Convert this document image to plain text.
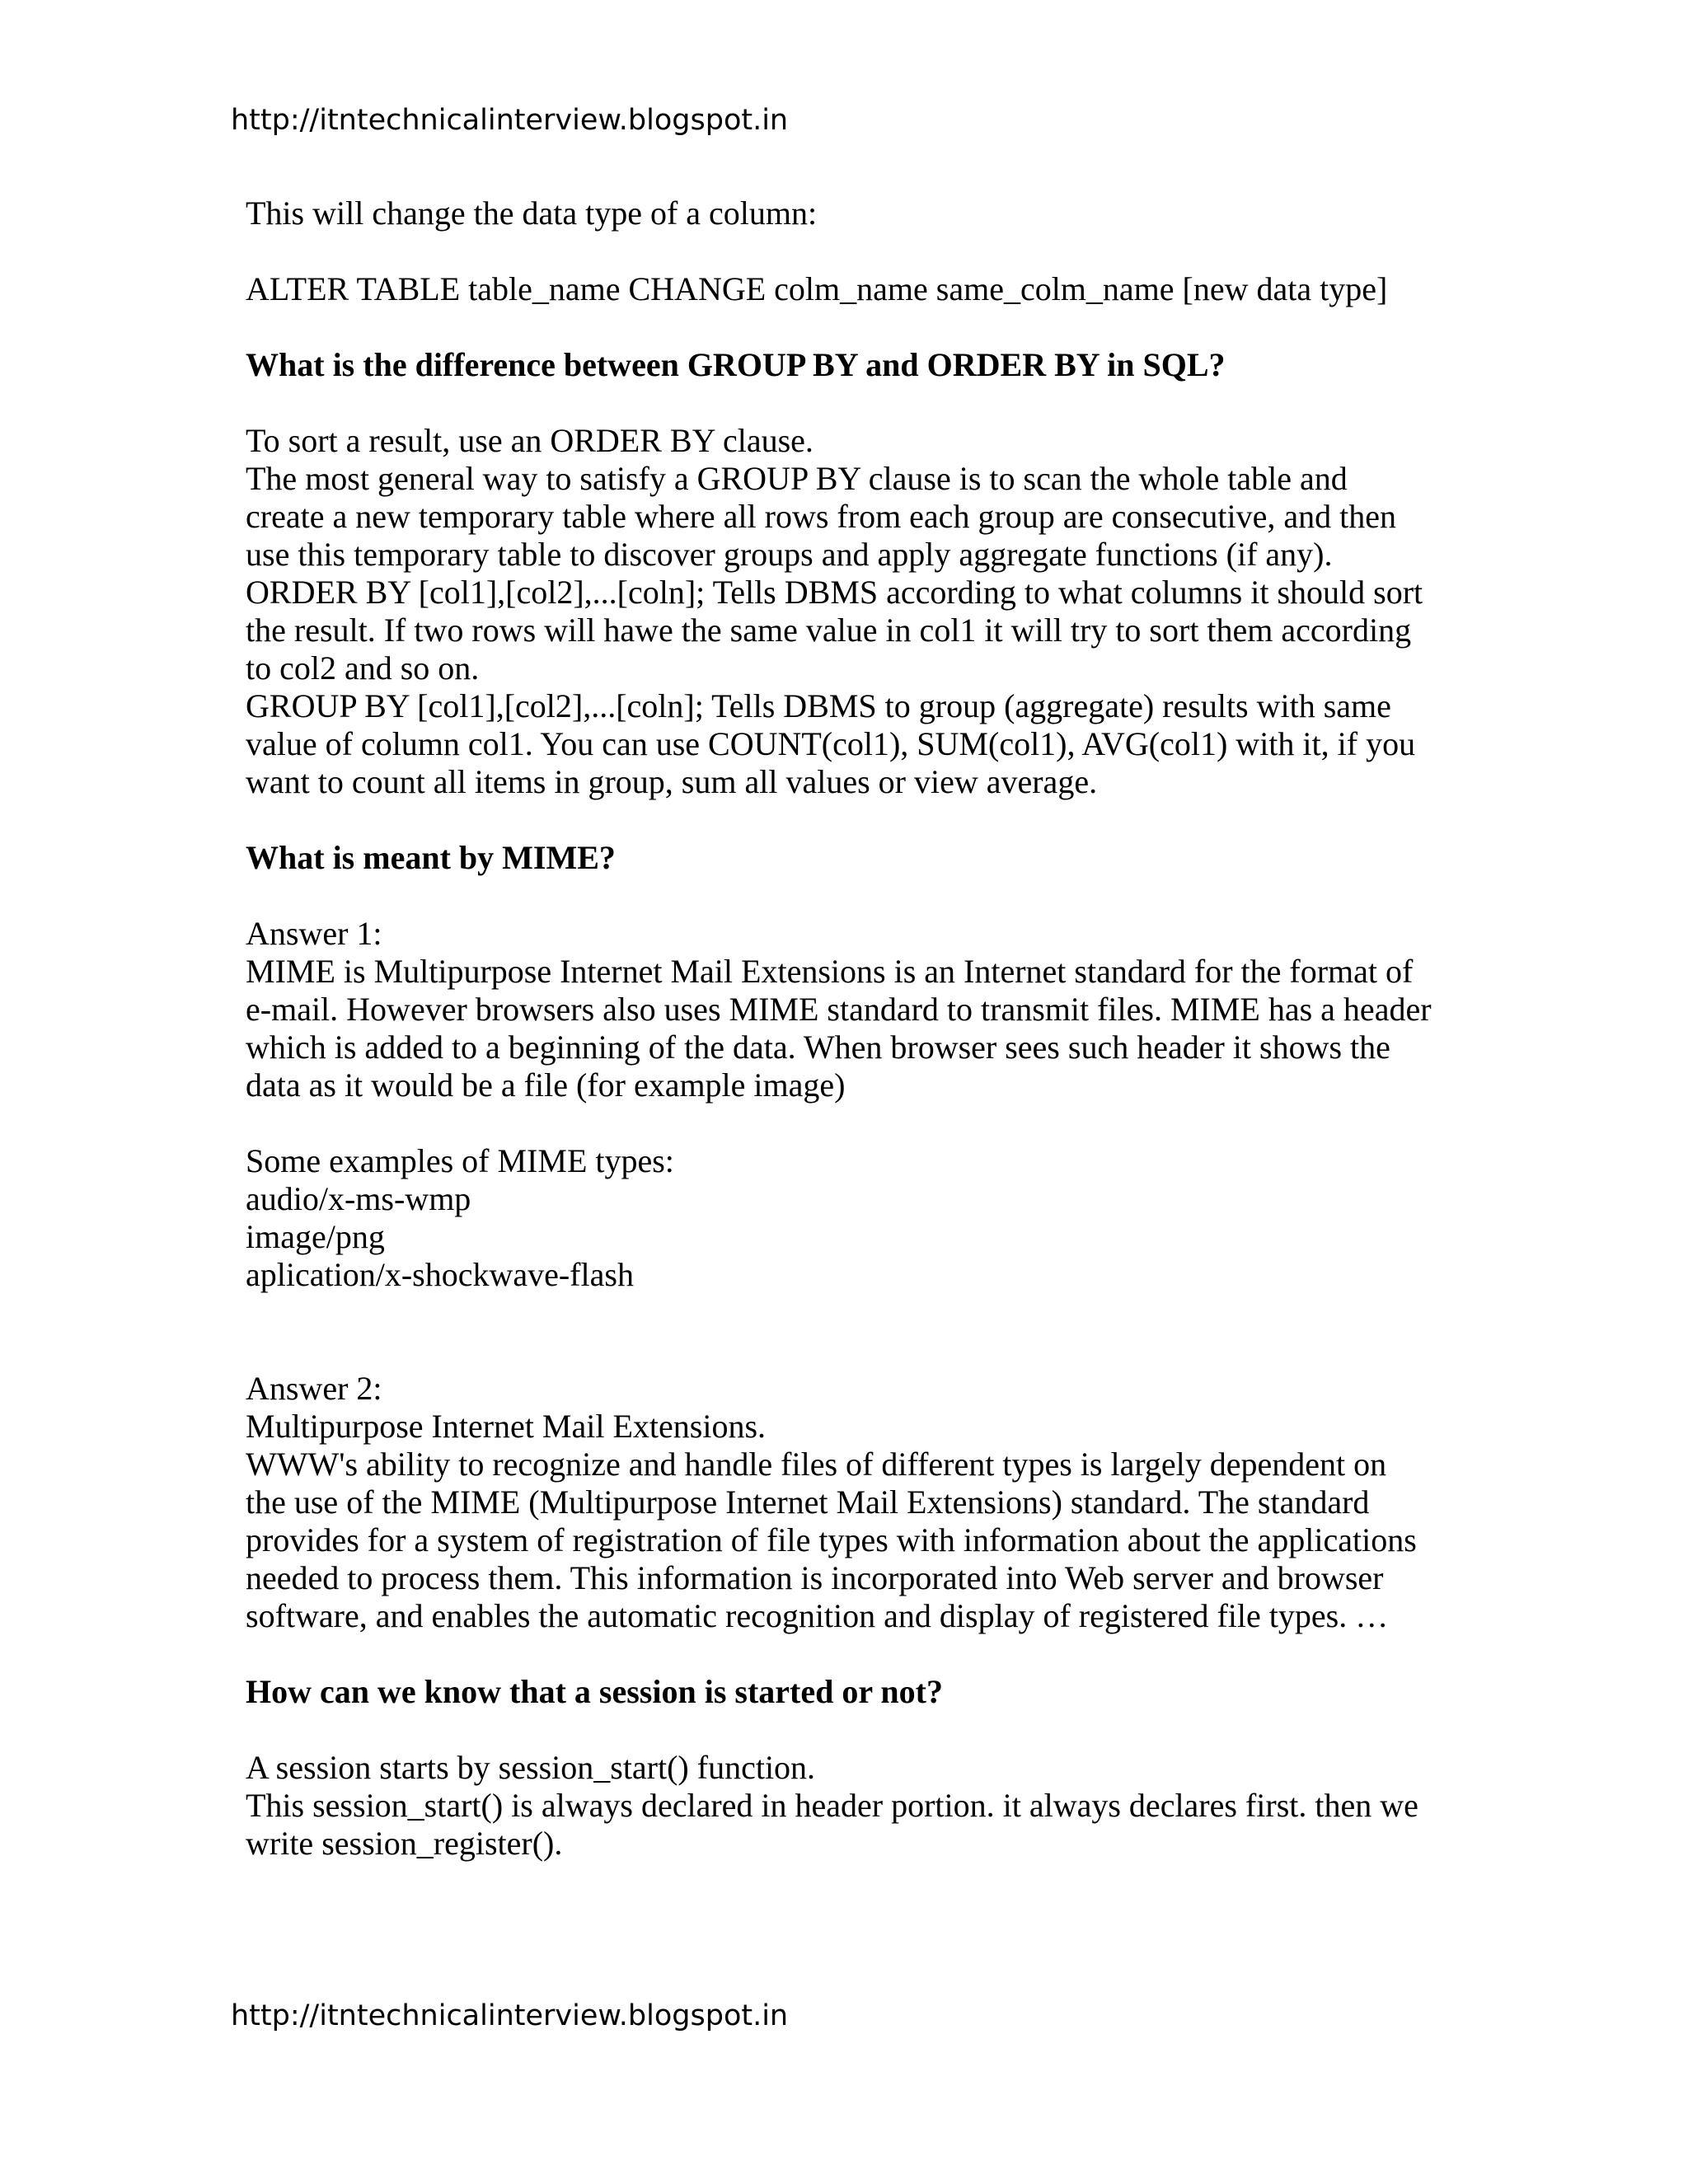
http://itntechnicalinterview.blogspot.in

This will change the data type of a column:

ALTER TABLE table_name CHANGE colm_name same_colm_name [new data type]

What is the difference between GROUP BY and ORDER BY in SQL?

To sort a result, use an ORDER BY clause.

The most general way to satisfy a GROUP BY clause is to scan the whole table and

create a new temporary table where all rows from each group are consecutive, and then

use this temporary table to discover groups and apply aggregate functions (if any).

ORDER BY [col1],[col2],...[coln]; Tells DBMS according to what columns it should sort

the result. If two rows will hawe the same value in col1 it will try to sort them according

to col2 and so on.

GROUP BY [col1],[col2],...[coln]; Tells DBMS to group (aggregate) results with same

value of column col1. You can use COUNT(col1), SUM(col1), AVG(col1) with it, if you

want to count all items in group, sum all values or view average.

What is meant by MIME?

Answer 1:

MIME is Multipurpose Internet Mail Extensions is an Internet standard for the format of

e-mail. However browsers also uses MIME standard to transmit files. MIME has a header

which is added to a beginning of the data. When browser sees such header it shows the

data as it would be a file (for example image)

Some examples of MIME types:

audio/x-ms-wmp

image/png

aplication/x-shockwave-flash

Answer 2:

Multipurpose Internet Mail Extensions.

WWW's ability to recognize and handle files of different types is largely dependent on

the use of the MIME (Multipurpose Internet Mail Extensions) standard. The standard

provides for a system of registration of file types with information about the applications

needed to process them. This information is incorporated into Web server and browser

software, and enables the automatic recognition and display of registered file types. …

How can we know that a session is started or not?

A session starts by session_start() function.

This session_start() is always declared in header portion. it always declares first. then we

write session_register().

http://itntechnicalinterview.blogspot.in
